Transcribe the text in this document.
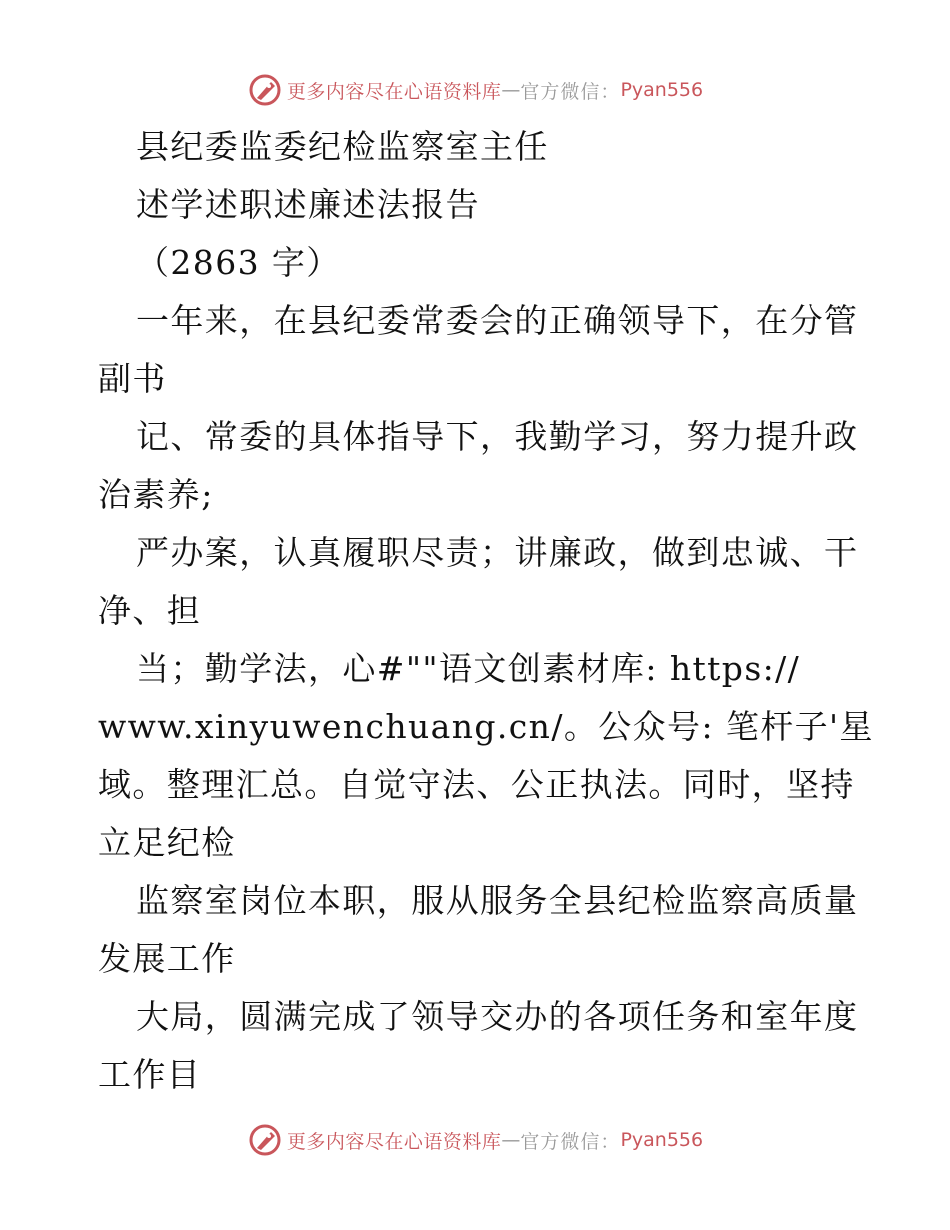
更多内容尽在心语资料库 — 官方微信： Pyan556
县纪委监委纪检监察室主任
述学述职述廉述法报告
（2863 字）
一年来，在县纪委常委会的正确领导下，在分管
副书
记、常委的具体指导下，我勤学习，努力提升政
治素养;
严办案，认真履职尽责；讲廉政，做到忠诚、干
净、担
当；勤学法，心#""语文创素材库: https://
www.xinyuwenchuang.cn/。公众号: 笔杆子'星
域。整理汇总。自觉守法、公正执法。同时，坚持
立足纪检
监察室岗位本职，服从服务全县纪检监察高质量
发展工作
大局，圆满完成了领导交办的各项任务和室年度
工作目
更多内容尽在心语资料库 — 官方微信： Pyan556
